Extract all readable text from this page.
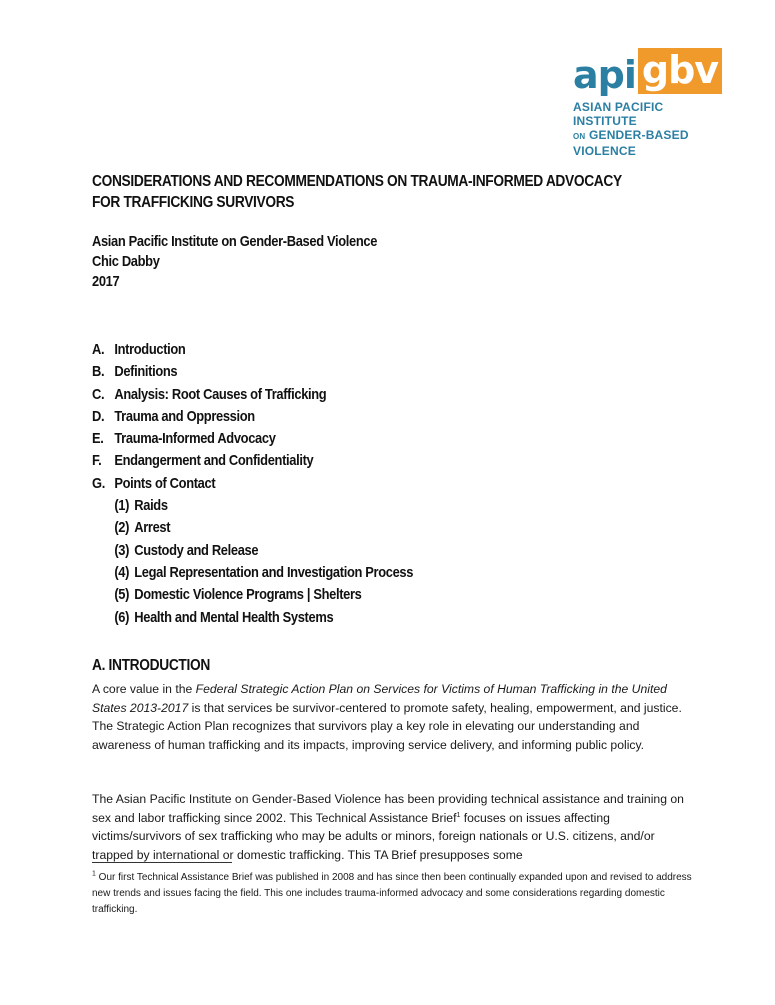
api gbv
ASIAN PACIFIC INSTITUTE
ON GENDER-BASED VIOLENCE
CONSIDERATIONS AND RECOMMENDATIONS ON TRAUMA-INFORMED ADVOCACY
FOR TRAFFICKING SURVIVORS
Asian Pacific Institute on Gender-Based Violence
Chic Dabby
2017
A. Introduction
B. Definitions
C. Analysis: Root Causes of Trafficking
D. Trauma and Oppression
E. Trauma-Informed Advocacy
F. Endangerment and Confidentiality
G. Points of Contact
(1) Raids
(2) Arrest
(3) Custody and Release
(4) Legal Representation and Investigation Process
(5) Domestic Violence Programs | Shelters
(6) Health and Mental Health Systems
A. INTRODUCTION

A core value in the Federal Strategic Action Plan on Services for Victims of Human Trafficking in the United States 2013-2017 is that services be survivor-centered to promote safety, healing, empowerment, and justice. The Strategic Action Plan recognizes that survivors play a key role in elevating our understanding and awareness of human trafficking and its impacts, improving service delivery, and informing public policy.

The Asian Pacific Institute on Gender-Based Violence has been providing technical assistance and training on sex and labor trafficking since 2002. This Technical Assistance Brief$^1$ focuses on issues affecting victims/survivors of sex trafficking who may be adults or minors, foreign nationals or U.S. citizens, and/or trapped by international or domestic trafficking. This TA Brief presupposes some

$^1$ Our first Technical Assistance Brief was published in 2008 and has since then been continually expanded upon and revised to address new trends and issues facing the field. This one includes trauma-informed advocacy and some considerations regarding domestic trafficking.
